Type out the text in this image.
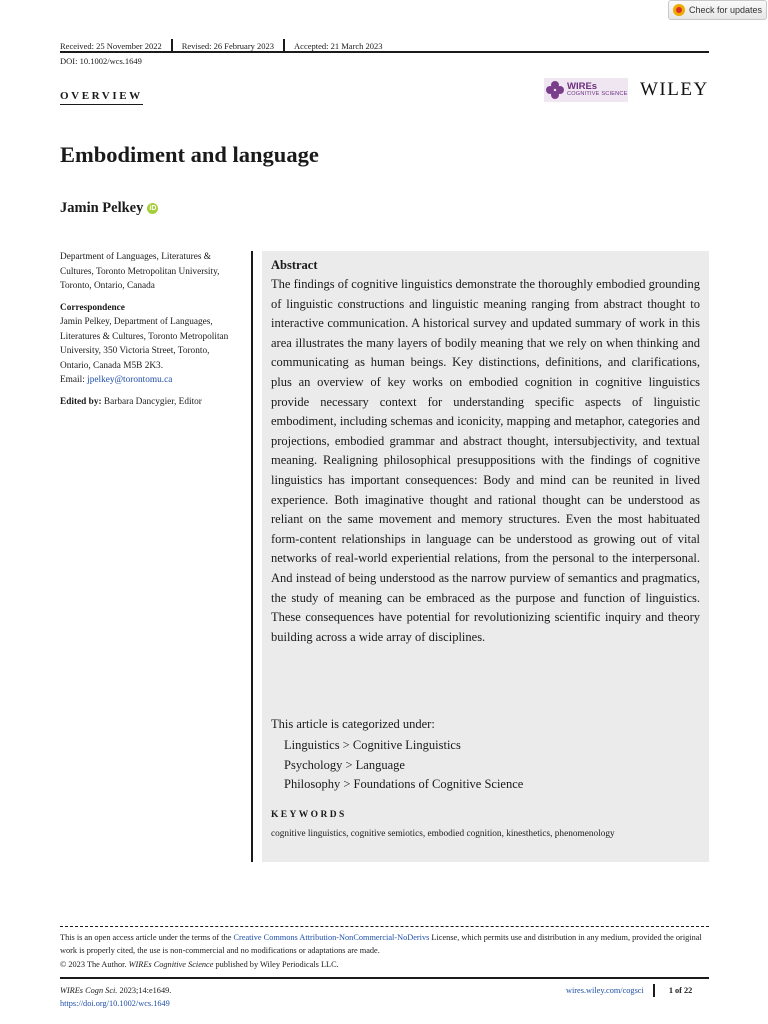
Check for updates
Received: 25 November 2022 Revised: 26 February 2023 Accepted: 21 March 2023
DOI: 10.1002/wcs.1649
OVERVIEW
WIREs
COGNITIVE SCIENCE WILEY
Embodiment and language
Jamin Pelkey iD

Department of Languages, Literatures & Cultures, Toronto Metropolitan University, Toronto, Ontario, Canada

Correspondence

Jamin Pelkey, Department of Languages, Literatures & Cultures, Toronto Metropolitan University, 350 Victoria Street, Toronto, Ontario, Canada M5B 2K3.

Email: jpelkey@torontomu.ca

Edited by: Barbara Dancygier, Editor

Abstract

The findings of cognitive linguistics demonstrate the thoroughly embodied grounding of linguistic constructions and linguistic meaning ranging from abstract thought to interactive communication. A historical survey and updated summary of work in this area illustrates the many layers of bodily meaning that we rely on when thinking and communicating as human beings. Key distinctions, definitions, and clarifications, plus an overview of key works on embodied cognition in cognitive linguistics provide necessary context for understanding specific aspects of linguistic embodiment, including schemas and iconicity, mapping and metaphor, categories and projections, embodied grammar and abstract thought, intersubjectivity, and textual meaning. Realigning philosophical presuppositions with the findings of cognitive linguistics has important consequences: Body and mind can be reunited in lived experience. Both imaginative thought and rational thought can be understood as reliant on the same movement and memory structures. Even the most habituated form-content relationships in language can be understood as growing out of vital networks of real-world experiential relations, from the personal to the interpersonal. And instead of being understood as the narrow purview of semantics and pragmatics, the study of meaning can be embraced as the purpose and function of linguistics. These consequences have potential for revolutionizing scientific inquiry and theory building across a wide array of disciplines.

This article is categorized under:
Linguistics > Cognitive Linguistics
Psychology > Language
Philosophy > Foundations of Cognitive Science
KEYWORDS

cognitive linguistics, cognitive semiotics, embodied cognition, kinesthetics, phenomenology

This is an open access article under the terms of the Creative Commons Attribution-NonCommercial-NoDerivs License, which permits use and distribution in any medium, provided the original work is properly cited, the use is non-commercial and no modifications or adaptations are made.
© 2023 The Author. WIREs Cognitive Science published by Wiley Periodicals LLC.

WIREs Cogn Sci. 2023;14:e1649.
https://doi.org/10.1002/wcs.1649
wires.wiley.com/cogsci	1 of 22
